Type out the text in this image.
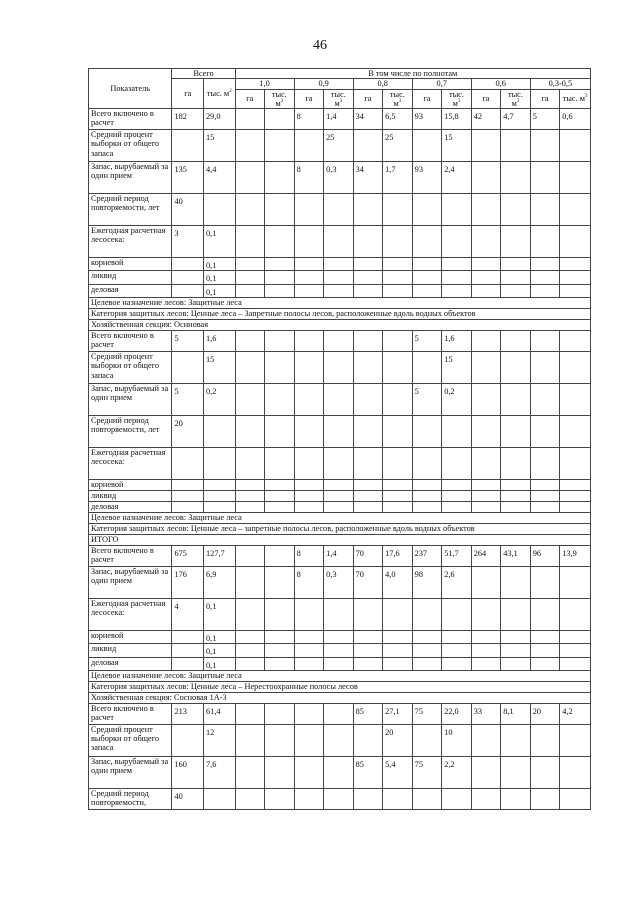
46
Показатель	Всего		В том числе по полнотам											
	га	тыс. $м^2$	1,0		0,9		0,8		0,7		0,6		0,3-0,5	
			га	тыс. $м^3$	га	тыс. $м^3$	га	тыс. $м^3$	га	тыс. $м^3$	га	тыс. $м^3$	га	тыс. $м^3$
Всего включено в расчет	182	29,0			8	1,4	34	6,5	93	15,8	42	4,7	5	0,6
Средний процент выборки от общего запаса		15				25		25		15				
Запас, вырубаемый за один прием	135	4,4			8	0,3	34	1,7	93	2,4				
Средний период повторяемости, лет	40													
Ежегодная расчетная лесосека:	3	0,1												
корневой		0,1												
ликвид		0,1												
деловая		0,1												
Целевое назначение лесов: Защитные леса														
Категория защитных лесов: Ценные леса – Запретные полосы лесов, расположенные вдоль водных объектов														
Хозяйственная секция: Осиновая														
Всего включено в расчет	5	1,6							5	1,6				
Средний процент выборки от общего запаса		15								15				
Запас, вырубаемый за один прием	5	0,2							5	0,2				
Средний период повторяемости, лет	20													
Ежегодная расчетная лесосека:														
корневой														
ликвид														
деловая														
Целевое назначение лесов: Защитные леса														
Категория защитных лесов: Ценные леса – запретные полосы лесов, расположенные вдоль водных объектов														
ИТОГО														
Всего включено в расчет	675	127,7			8	1,4	70	17,6	237	51,7	264	43,1	96	13,9
Запас, вырубаемый за один прием	176	6,9			8	0,3	70	4,0	98	2,6				
Ежегодная расчетная лесосека:	4	0,1												
корневой		0,1												
ликвид		0,1												
деловая		0,1												
Целевое назначение лесов: Защитные леса														
Категория защитных лесов: Ценные леса – Нерестоохранные полосы лесов														
Хозяйственная секция: Сосновая 1А-3														
Всего включено в расчет	213	61,4					85	27,1	75	22,0	33	8,1	20	4,2
Средний процент выборки от общего запаса		12						20		10				
Запас, вырубаемый за один прием	160	7,6					85	5,4	75	2,2				
Средний период повторяемости,	40													
